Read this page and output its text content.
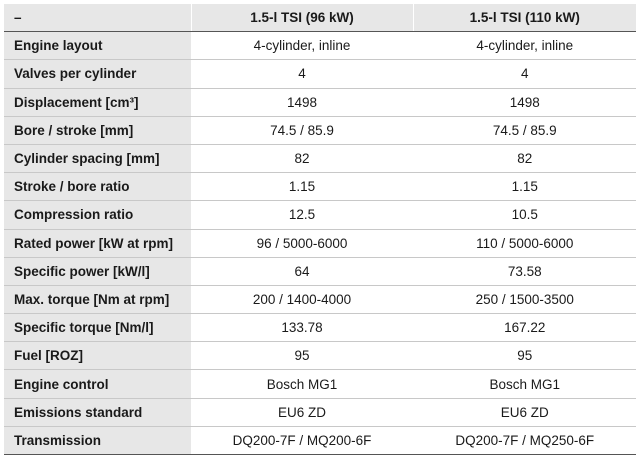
–	1.5-l TSI (96 kW)	1.5-l TSI (110 kW)
Engine layout	4-cylinder, inline	4-cylinder, inline
Valves per cylinder	4	4
Displacement [cm³]	1498	1498
Bore / stroke [mm]	74.5 / 85.9	74.5 / 85.9
Cylinder spacing [mm]	82	82
Stroke / bore ratio	1.15	1.15
Compression ratio	12.5	10.5
Rated power [kW at rpm]	96 / 5000-6000	110 / 5000-6000
Specific power [kW/l]	64	73.58
Max. torque [Nm at rpm]	200 / 1400-4000	250 / 1500-3500
Specific torque [Nm/l]	133.78	167.22
Fuel [ROZ]	95	95
Engine control	Bosch MG1	Bosch MG1
Emissions standard	EU6 ZD	EU6 ZD
Transmission	DQ200-7F / MQ200-6F	DQ200-7F / MQ250-6F
